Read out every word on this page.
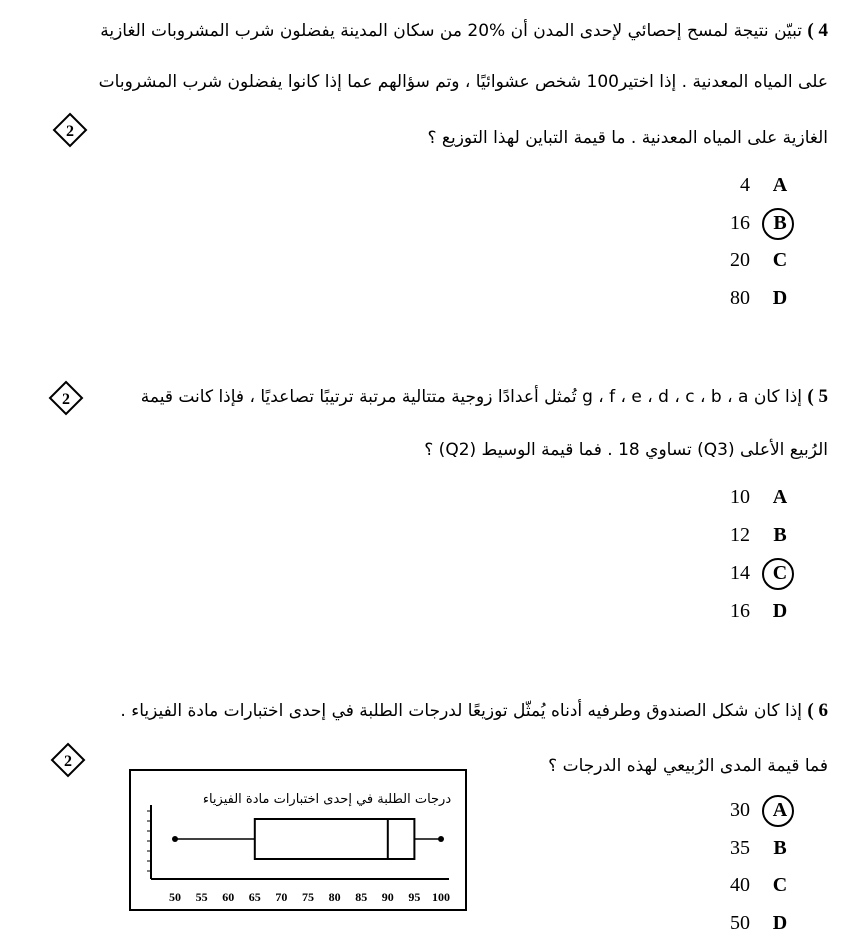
4 ) تبيّن نتيجة لمسح إحصائي لإحدى المدن أن %20 من سكان المدينة يفضلون شرب المشروبات الغازية
على المياه المعدنية . إذا اختير100 شخص عشوائيًا ، وتم سؤالهم عما إذا كانوا يفضلون شرب المشروبات
الغازية على المياه المعدنية . ما قيمة التباين لهذا التوزيع ؟
2
4	A
16	B
20	C
80	D
2	5 ) إذا كان g ، f ، e ، d ، c ، b ، a تُمثل أعدادًا زوجية متتالية مرتبة ترتيبًا تصاعديًا ، فإذا كانت قيمة
الرُبيع الأعلى (Q3) تساوي 18 . فما قيمة الوسيط (Q2) ؟
10	A
12	B
14	C
16	D
6 ) إذا كان شكل الصندوق وطرفيه أدناه يُمثّل توزيعًا لدرجات الطلبة في إحدى اختبارات مادة الفيزياء .
فما قيمة المدى الرُبيعي لهذه الدرجات ؟
2
درجات الطلبة في إحدى اختبارات مادة الفيزياء
50 55 60 65 70 75 80 85 90 95 100
30	A
35	B
40	C
50	D
